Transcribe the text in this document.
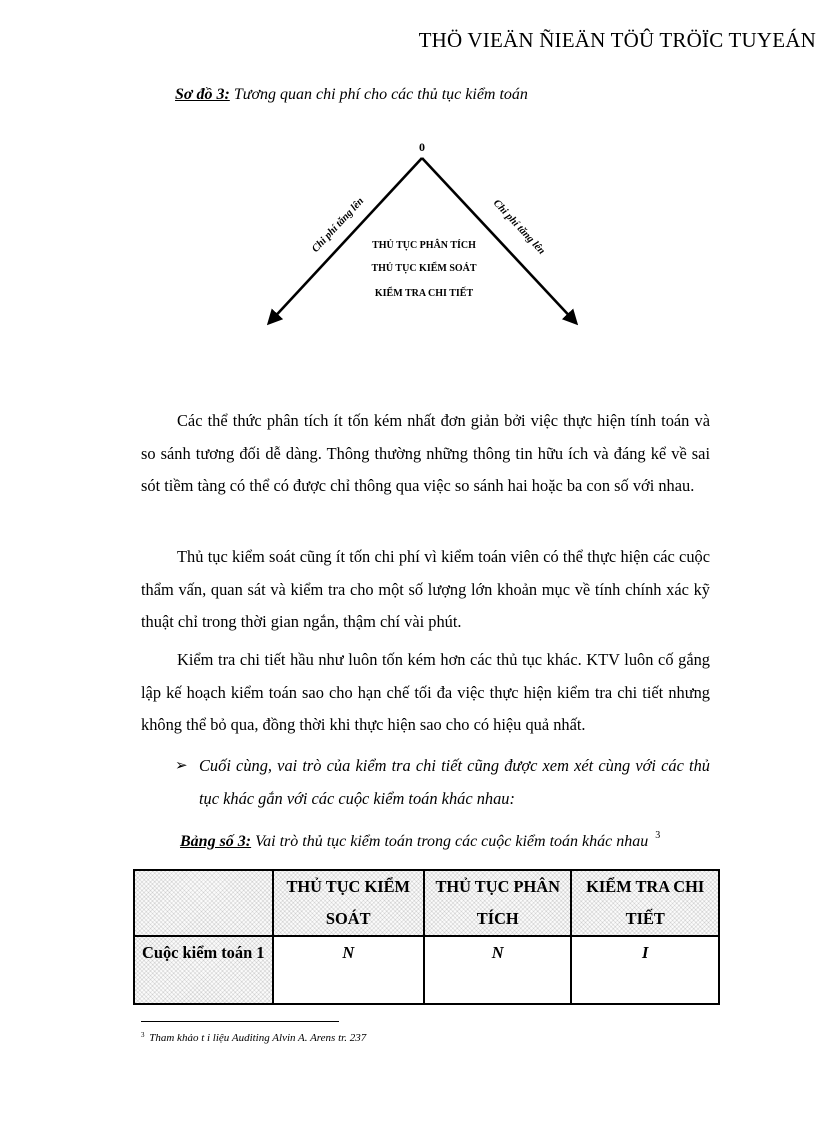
THÖ VIEÄN ÑIEÄN TÖÛ TRÖÏC TUYEÁN
Sơ đồ 3: Tương quan chi phí cho các thủ tục kiểm toán
0
Chi phí tăng lên	Chi phí tăng lên
THỦ TỤC PHÂN TÍCH
THỦ TỤC KIỂM SOÁT
KIỂM TRA CHI TIẾT

Các thể thức phân tích ít tốn kém nhất đơn giản bởi việc thực hiện tính toán và so sánh tương đối dễ dàng. Thông thường những thông tin hữu ích và đáng kể về sai sót tiềm tàng có thể có được chỉ thông qua việc so sánh hai hoặc ba con số với nhau.

Thủ tục kiểm soát cũng ít tốn chi phí vì kiểm toán viên có thể thực hiện các cuộc thẩm vấn, quan sát và kiểm tra cho một số lượng lớn khoản mục về tính chính xác kỹ thuật chỉ trong thời gian ngắn, thậm chí vài phút.

Kiểm tra chi tiết hầu như luôn tốn kém hơn các thủ tục khác. KTV luôn cố gắng lập kế hoạch kiểm toán sao cho hạn chế tối đa việc thực hiện kiểm tra chi tiết nhưng không thể bỏ qua, đồng thời khi thực hiện sao cho có hiệu quả nhất.

➢ Cuối cùng, vai trò của kiểm tra chi tiết cũng được xem xét cùng với các thủ tục khác gắn với các cuộc kiểm toán khác nhau:
Bảng số 3: Vai trò thủ tục kiểm toán trong các cuộc kiểm toán khác nhau $^3$
	THỦ TỤC KIỂM SOÁT	THỦ TỤC PHÂN TÍCH	KIỂM TRA CHI TIẾT
Cuộc kiểm toán 1	N	N	I
$^3$ Tham khảo t i liệu Auditing Alvin A. Arens tr. 237
